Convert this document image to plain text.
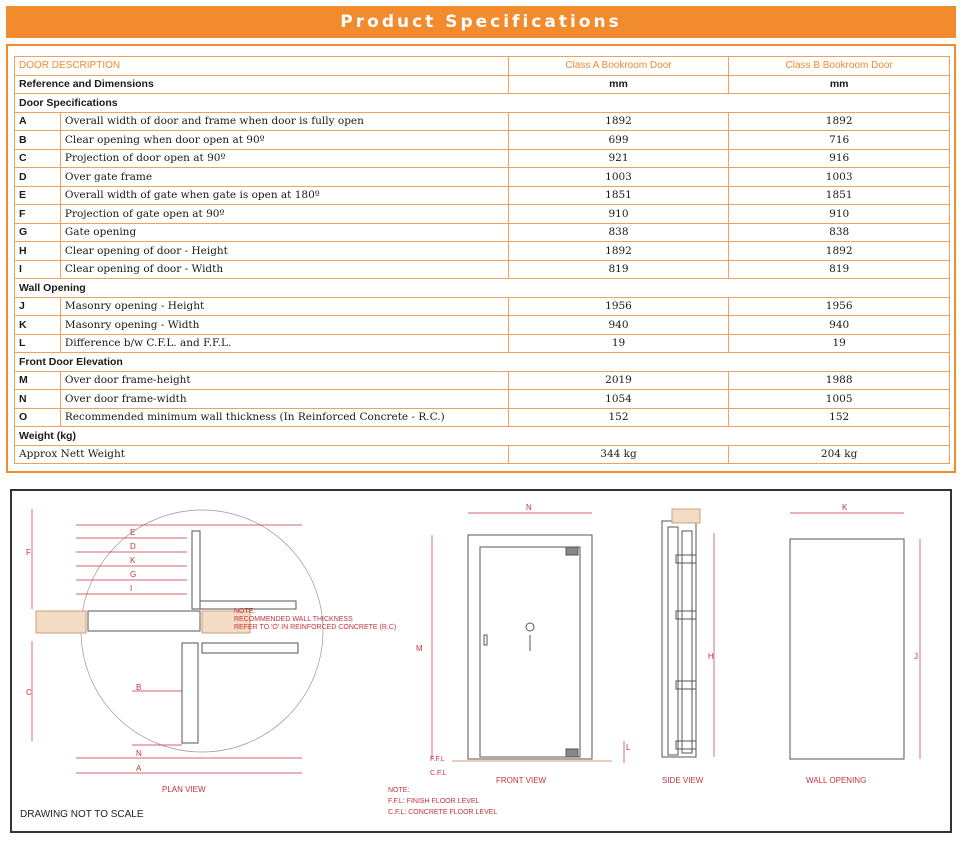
Product Specifications
DOOR DESCRIPTION		Class A Bookroom Door	Class B Bookroom Door
Reference and Dimensions		mm	mm
Door Specifications			
A	Overall width of door and frame when door is fully open	1892	1892
B	Clear opening when door open at 90º	699	716
C	Projection of door open at 90º	921	916
D	Over gate frame	1003	1003
E	Overall width of gate when gate is open at 180º	1851	1851
F	Projection of gate open at 90º	910	910
G	Gate opening	838	838
H	Clear opening of door - Height	1892	1892
I	Clear opening of door - Width	819	819
Wall Opening			
J	Masonry opening - Height	1956	1956
K	Masonry opening - Width	940	940
L	Difference b/w C.F.L. and F.F.L.	19	19
Front Door Elevation			
M	Over door frame-height	2019	1988
N	Over door frame-width	1054	1005
O	Recommended minimum wall thickness (In Reinforced Concrete - R.C.)	152	152
Weight (kg)			
Approx Nett Weight		344 kg	204 kg
NOTE:
RECOMMENDED WALL THICKNESS
REFER TO 'O' IN REINFORCED CONCRETE (R.C)
F
E
D
K
G
I
C
B
N
A
PLAN VIEW
N
M
L
F.F.L
C.F.L
FRONT VIEW
NOTE:
F.F.L: FINISH FLOOR LEVEL
C.F.L: CONCRETE FLOOR LEVEL
H
SIDE VIEW
K
J
WALL OPENING
DRAWING NOT TO SCALE
